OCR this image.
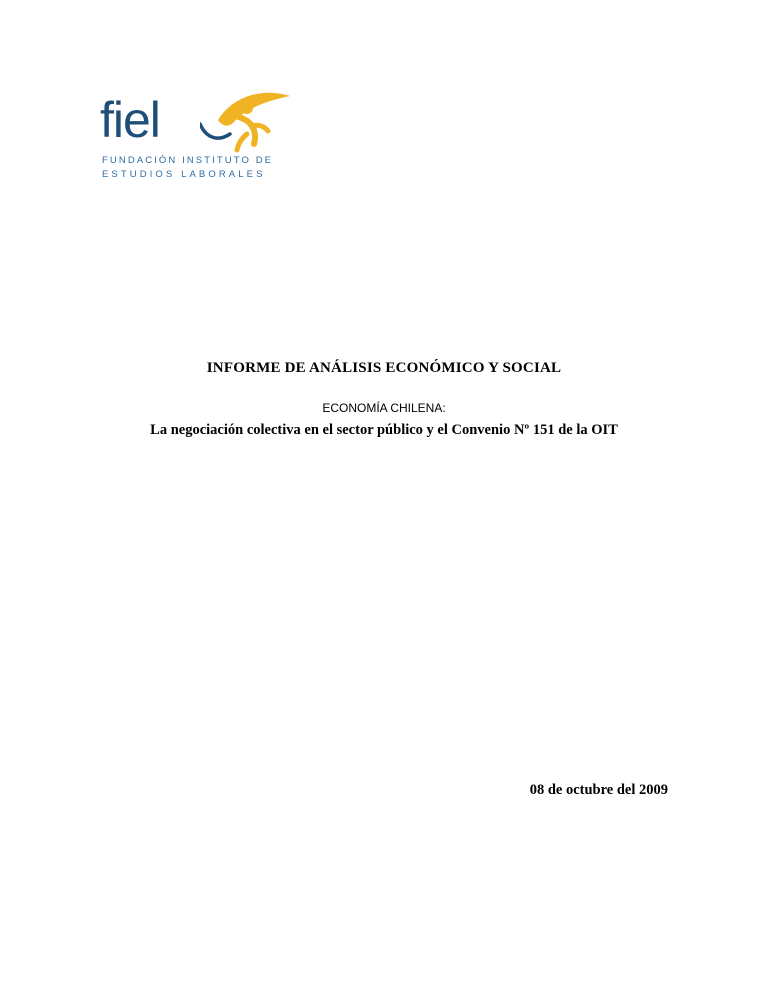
fiel
FUNDACIÓN INSTITUTO DE
ESTUDIOS LABORALES
INFORME DE ANÁLISIS ECONÓMICO Y SOCIAL

ECONOMÍA CHILENA:

La negociación colectiva en el sector público y el Convenio Nº 151 de la OIT

08 de octubre del 2009
